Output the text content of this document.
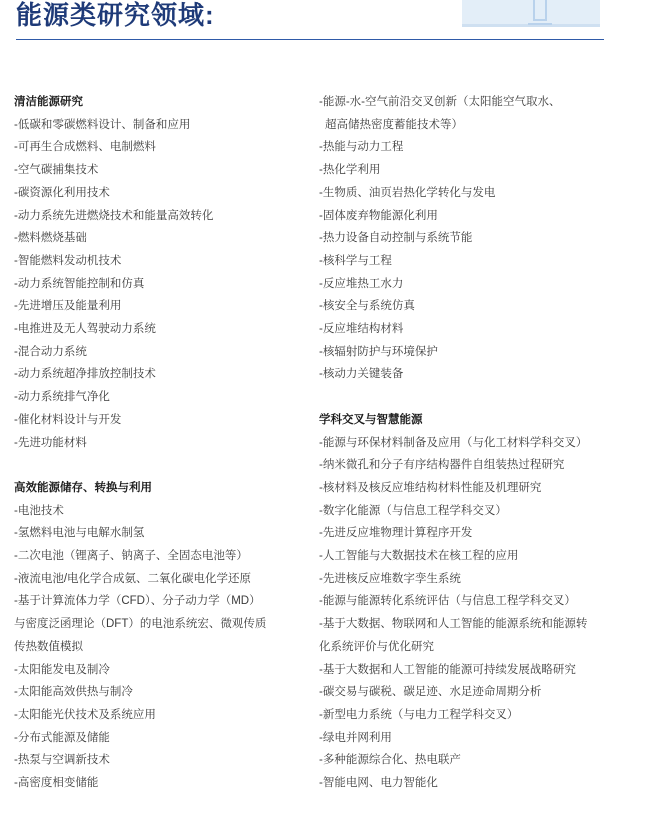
能源类研究领域:
清洁能源研究
-低碳和零碳燃料设计、制备和应用
-可再生合成燃料、电制燃料
-空气碳捕集技术
-碳资源化利用技术
-动力系统先进燃烧技术和能量高效转化
-燃料燃烧基础
-智能燃料发动机技术
-动力系统智能控制和仿真
-先进增压及能量利用
-电推进及无人驾驶动力系统
-混合动力系统
-动力系统超净排放控制技术
-动力系统排气净化
-催化材料设计与开发
-先进功能材料
高效能源储存、转换与利用
-电池技术
-氢燃料电池与电解水制氢
-二次电池（锂离子、钠离子、全固态电池等）
-液流电池/电化学合成氨、二氧化碳电化学还原
-基于计算流体力学（CFD）、分子动力学（MD）
与密度泛函理论（DFT）的电池系统宏、微观传质
传热数值模拟
-太阳能发电及制冷
-太阳能高效供热与制冷
-太阳能光伏技术及系统应用
-分布式能源及储能
-热泵与空调新技术
-高密度相变储能
-能源-水-空气前沿交叉创新（太阳能空气取水、
超高储热密度蓄能技术等）
-热能与动力工程
-热化学利用
-生物质、油页岩热化学转化与发电
-固体废弃物能源化利用
-热力设备自动控制与系统节能
-核科学与工程
-反应堆热工水力
-核安全与系统仿真
-反应堆结构材料
-核辐射防护与环境保护
-核动力关键装备
学科交叉与智慧能源
-能源与环保材料制备及应用（与化工材料学科交叉）
-纳米微孔和分子有序结构器件自组装热过程研究
-核材料及核反应堆结构材料性能及机理研究
-数字化能源（与信息工程学科交叉）
-先进反应堆物理计算程序开发
-人工智能与大数据技术在核工程的应用
-先进核反应堆数字孪生系统
-能源与能源转化系统评估（与信息工程学科交叉）
-基于大数据、物联网和人工智能的能源系统和能源转
化系统评价与优化研究
-基于大数据和人工智能的能源可持续发展战略研究
-碳交易与碳税、碳足迹、水足迹命周期分析
-新型电力系统（与电力工程学科交叉）
-绿电并网利用
-多种能源综合化、热电联产
-智能电网、电力智能化
